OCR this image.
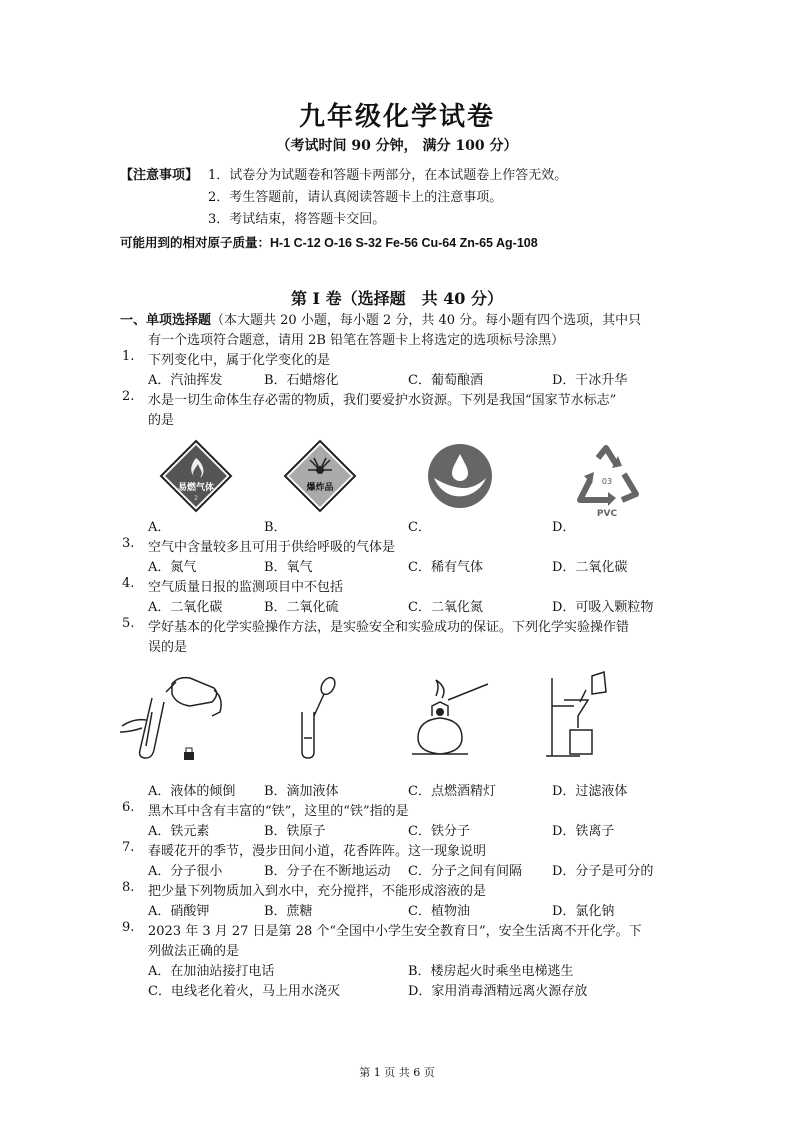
九年级化学试卷
（考试时间 90 分钟， 满分 100 分）
【注意事项】 1．试卷分为试题卷和答题卡两部分，在本试题卷上作答无效。
2．考生答题前，请认真阅读答题卡上的注意事项。
3．考试结束，将答题卡交回。
可能用到的相对原子质量：H-1 C-12 O-16 S-32 Fe-56 Cu-64 Zn-65 Ag-108
第 I 卷（选择题　共 40 分）
一、单项选择题（本大题共 20 小题，每小题 2 分，共 40 分。每小题有四个选项，其中只
有一个选项符合题意，请用 2B 铅笔在答题卡上将选定的选项标号涂黑）
1. 下列变化中，属于化学变化的是
A．汽油挥发	B．石蜡熔化	C．葡萄酿酒	D．干冰升华
2. 水是一切生命体生存必需的物质，我们要爱护水资源。下列是我国“国家节水标志”
的是
易燃气体
2
爆炸品
03
PVC
A．	B．	C．	D．
3. 空气中含量较多且可用于供给呼吸的气体是
A．氮气	B．氧气	C．稀有气体	D．二氧化碳
4. 空气质量日报的监测项目中不包括
A．二氧化碳	B．二氧化硫	C．二氧化氮	D．可吸入颗粒物
5. 学好基本的化学实验操作方法，是实验安全和实验成功的保证。下列化学实验操作错
误的是
A．液体的倾倒 B．滴加液体	C．点燃酒精灯	D．过滤液体
6. 黑木耳中含有丰富的“铁”，这里的“铁”指的是
A．铁元素	B．铁原子	C．铁分子	D．铁离子
7. 春暖花开的季节，漫步田间小道，花香阵阵。这一现象说明
A．分子很小	B．分子在不断地运动 C．分子之间有间隔 D．分子是可分的
8. 把少量下列物质加入到水中，充分搅拌，不能形成溶液的是
A．硝酸钾	B．蔗糖	C．植物油	D．氯化钠
9. 2023 年 3 月 27 日是第 28 个“全国中小学生安全教育日”，安全生活离不开化学。下
列做法正确的是
A．在加油站接打电话	B．楼房起火时乘坐电梯逃生
C．电线老化着火，马上用水浇灭	D．家用消毒酒精远离火源存放
第 1 页 共 6 页
